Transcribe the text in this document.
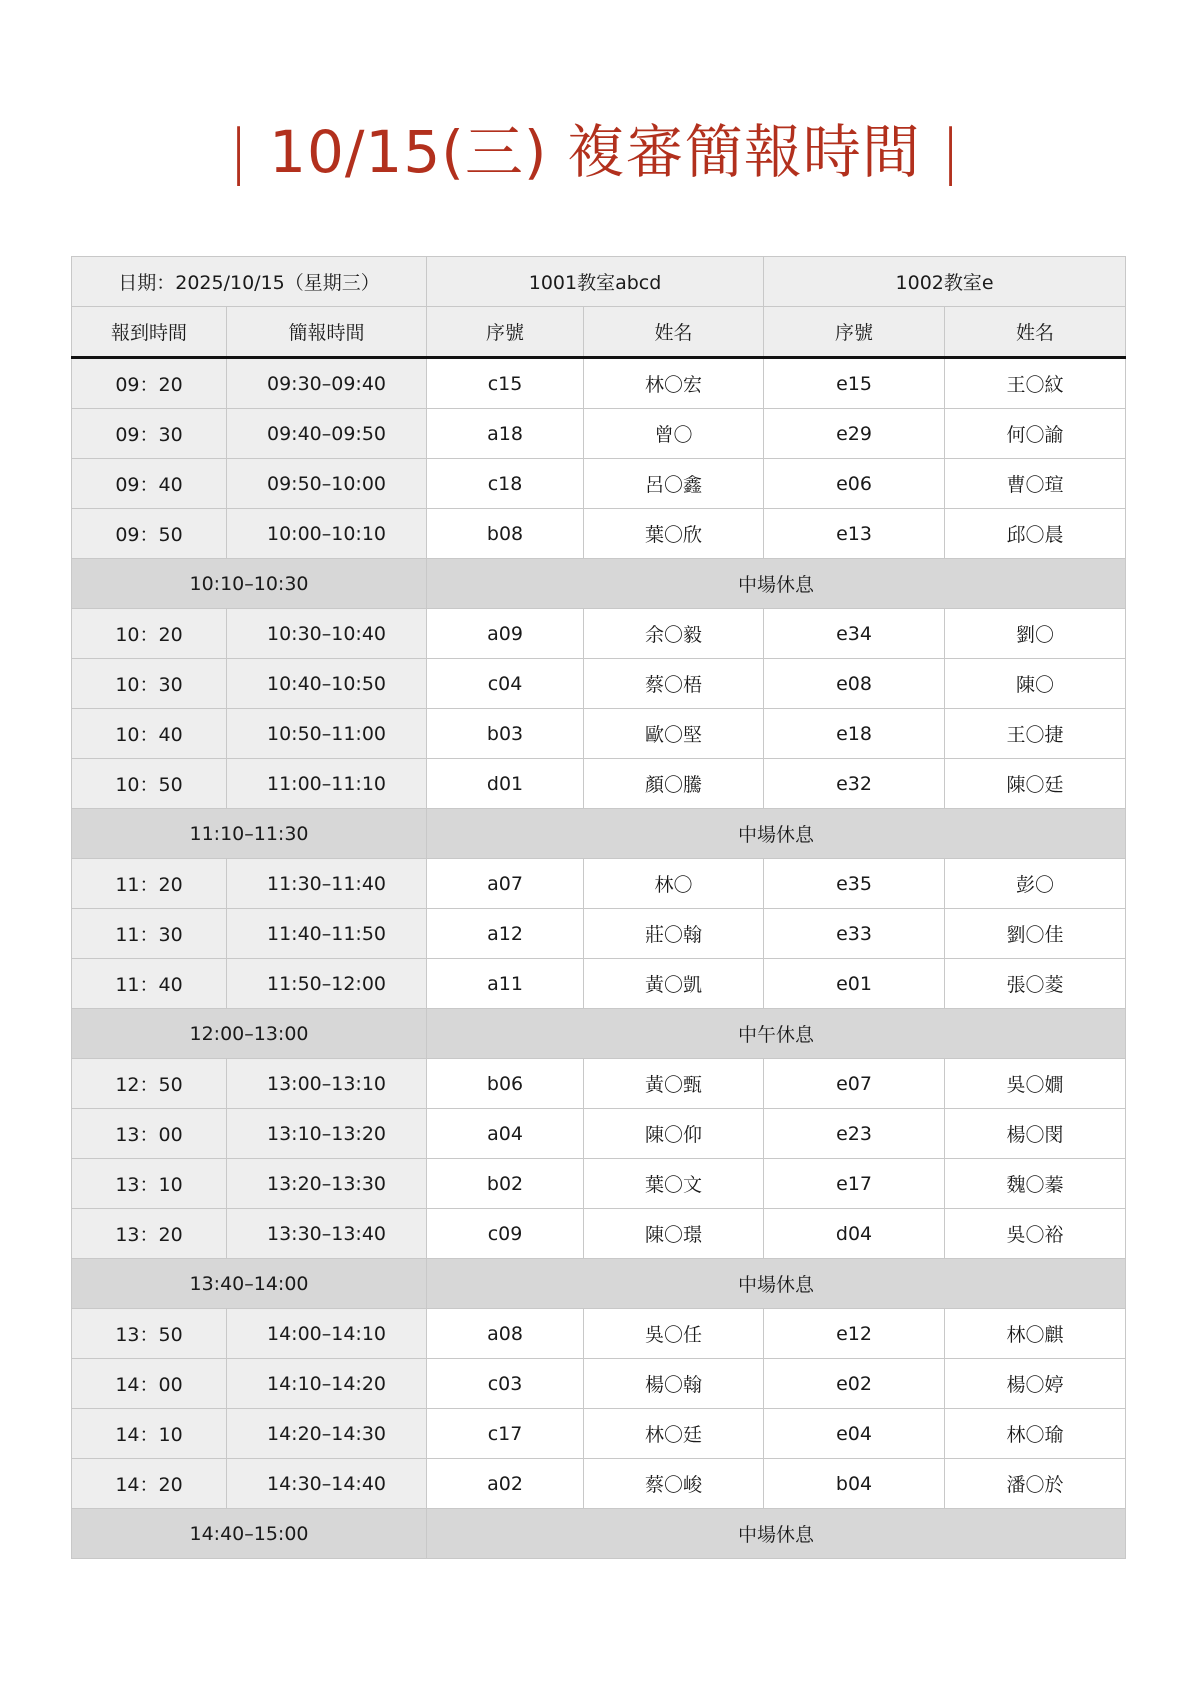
| 10/15(三) 複審簡報時間 |
日期：2025/10/15（星期三）		1001教室abcd		1002教室e	
報到時間	簡報時間	序號	姓名	序號	姓名
09：20	09:30–09:40	c15	林〇宏	e15	王〇紋
09：30	09:40–09:50	a18	曾〇	e29	何〇諭
09：40	09:50–10:00	c18	呂〇鑫	e06	曹〇瑄
09：50	10:00–10:10	b08	葉〇欣	e13	邱〇晨
10:10–10:30		中場休息			
10：20	10:30–10:40	a09	余〇毅	e34	劉〇
10：30	10:40–10:50	c04	蔡〇梧	e08	陳〇
10：40	10:50–11:00	b03	歐〇堅	e18	王〇捷
10：50	11:00–11:10	d01	顏〇騰	e32	陳〇廷
11:10–11:30		中場休息			
11：20	11:30–11:40	a07	林〇	e35	彭〇
11：30	11:40–11:50	a12	莊〇翰	e33	劉〇佳
11：40	11:50–12:00	a11	黃〇凱	e01	張〇菱
12:00–13:00		中午休息			
12：50	13:00–13:10	b06	黃〇甄	e07	吳〇嫺
13：00	13:10–13:20	a04	陳〇仰	e23	楊〇閔
13：10	13:20–13:30	b02	葉〇文	e17	魏〇蓁
13：20	13:30–13:40	c09	陳〇璟	d04	吳〇裕
13:40–14:00		中場休息			
13：50	14:00–14:10	a08	吳〇任	e12	林〇麒
14：00	14:10–14:20	c03	楊〇翰	e02	楊〇婷
14：10	14:20–14:30	c17	林〇廷	e04	林〇瑜
14：20	14:30–14:40	a02	蔡〇峻	b04	潘〇於
14:40–15:00		中場休息			
